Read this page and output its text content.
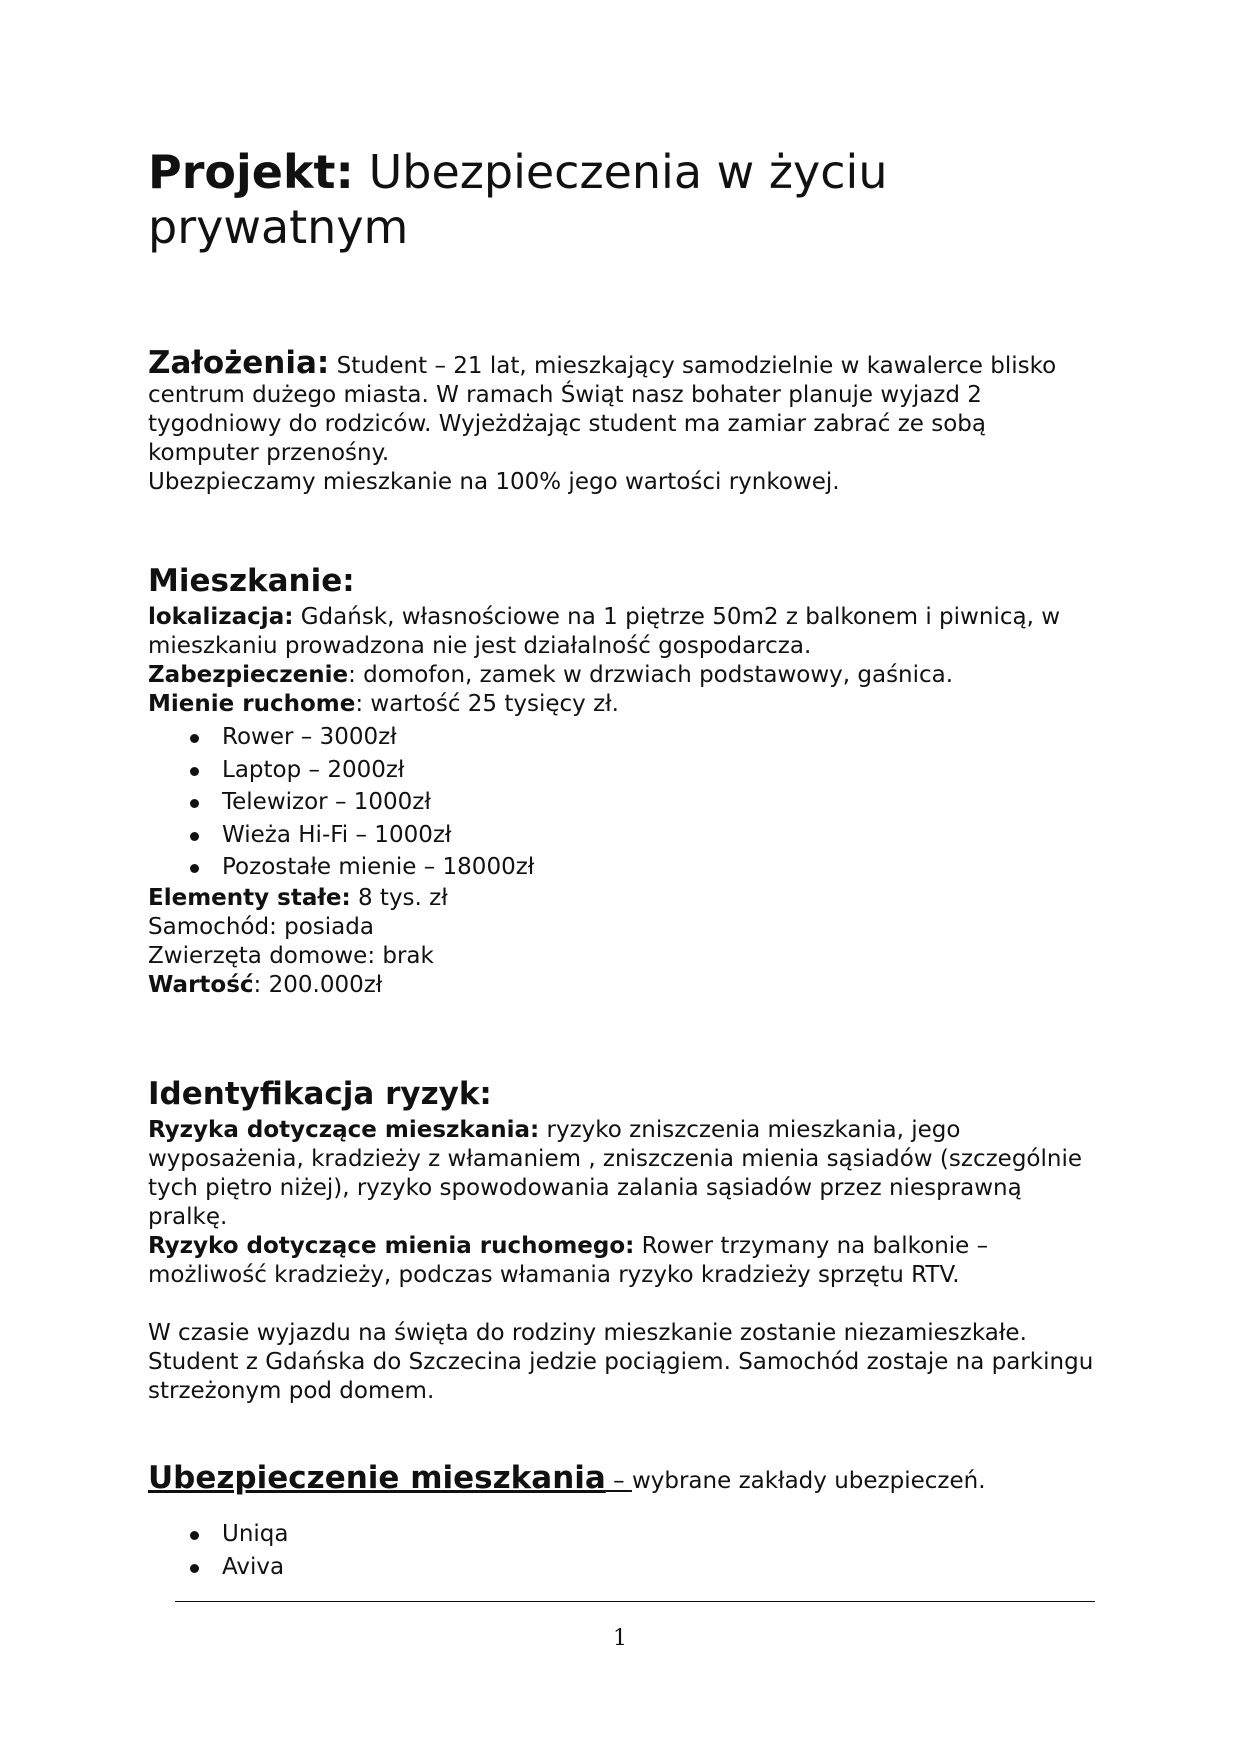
Projekt: Ubezpieczenia w życiu prywatnym

Założenia: Student – 21 lat, mieszkający samodzielnie w kawalerce blisko centrum dużego miasta. W ramach Świąt nasz bohater planuje wyjazd 2 tygodniowy do rodziców. Wyjeżdżając student ma zamiar zabrać ze sobą komputer przenośny.

Ubezpieczamy mieszkanie na 100% jego wartości rynkowej.

Mieszkanie:

lokalizacja: Gdańsk, własnościowe na 1 piętrze 50m2 z balkonem i piwnicą, w mieszkaniu prowadzona nie jest działalność gospodarcza.

Zabezpieczenie: domofon, zamek w drzwiach podstawowy, gaśnica.

Mienie ruchome: wartość 25 tysięcy zł.

Rower – 3000zł
Laptop – 2000zł
Telewizor – 1000zł
Wieża Hi-Fi – 1000zł
Pozostałe mienie – 18000zł

Elementy stałe: 8 tys. zł

Samochód: posiada

Zwierzęta domowe: brak

Wartość: 200.000zł

Identyfikacja ryzyk:

Ryzyka dotyczące mieszkania: ryzyko zniszczenia mieszkania, jego wyposażenia, kradzieży z włamaniem , zniszczenia mienia sąsiadów (szczególnie tych piętro niżej), ryzyko spowodowania zalania sąsiadów przez niesprawną pralkę.

Ryzyko dotyczące mienia ruchomego: Rower trzymany na balkonie – możliwość kradzieży, podczas włamania ryzyko kradzieży sprzętu RTV.

W czasie wyjazdu na święta do rodziny mieszkanie zostanie niezamieszkałe. Student z Gdańska do Szczecina jedzie pociągiem. Samochód zostaje na parkingu strzeżonym pod domem.

Ubezpieczenie mieszkania – wybrane zakłady ubezpieczeń.
Uniqa
Aviva
1
